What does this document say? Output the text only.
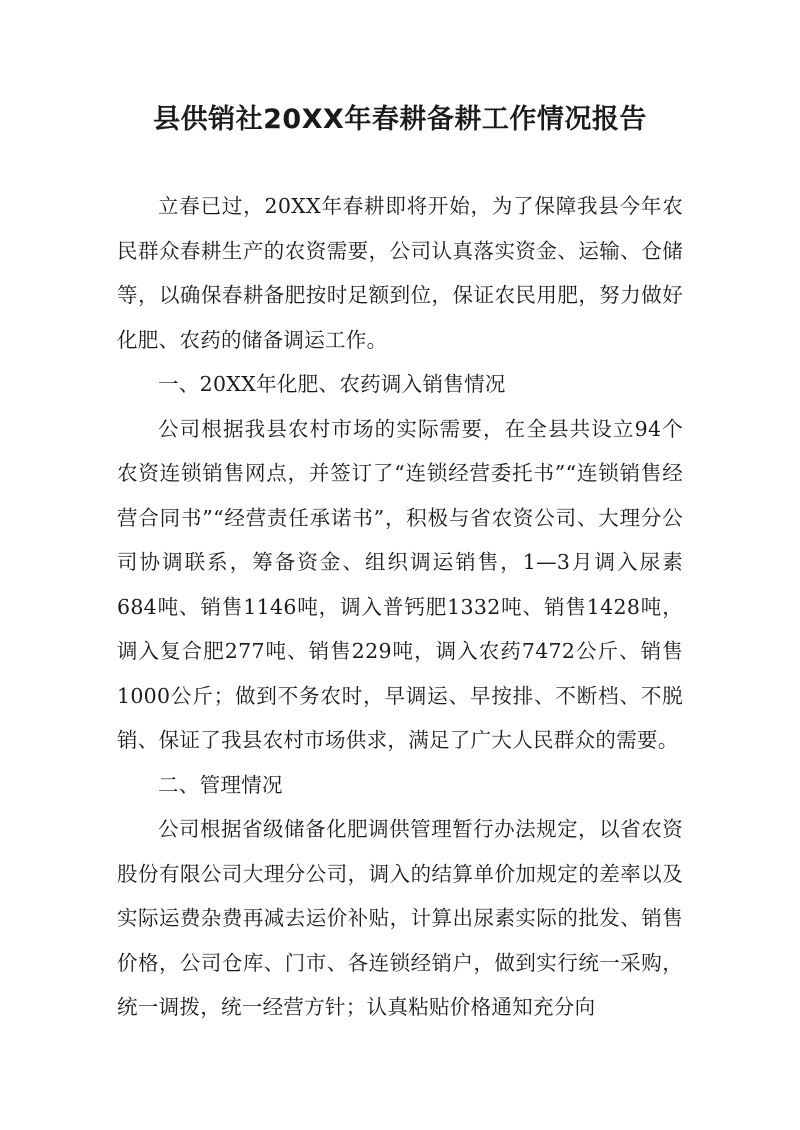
县供销社20XX年春耕备耕工作情况报告

立春已过，20XX年春耕即将开始，为了保障我县今年农民群众春耕生产的农资需要，公司认真落实资金、运输、仓储等，以确保春耕备肥按时足额到位，保证农民用肥，努力做好化肥、农药的储备调运工作。

一、20XX年化肥、农药调入销售情况

公司根据我县农村市场的实际需要，在全县共设立94个农资连锁销售网点，并签订了“连锁经营委托书”“连锁销售经营合同书”“经营责任承诺书”，积极与省农资公司、大理分公司协调联系，筹备资金、组织调运销售，1—3月调入尿素 684吨、销售1146吨，调入普钙肥1332吨、销售1428吨，调入复合肥277吨、销售229吨，调入农药7472公斤、销售1000公斤；做到不务农时，早调运、早按排、不断档、不脱销、保证了我县农村市场供求，满足了广大人民群众的需要。

二、管理情况

公司根据省级储备化肥调供管理暂行办法规定，以省农资股份有限公司大理分公司，调入的结算单价加规定的差率以及实际运费杂费再减去运价补贴，计算出尿素实际的批发、销售价格，公司仓库、门市、各连锁经销户，做到实行统一采购，统一调拨，统一经营方针；认真粘贴价格通知充分向
